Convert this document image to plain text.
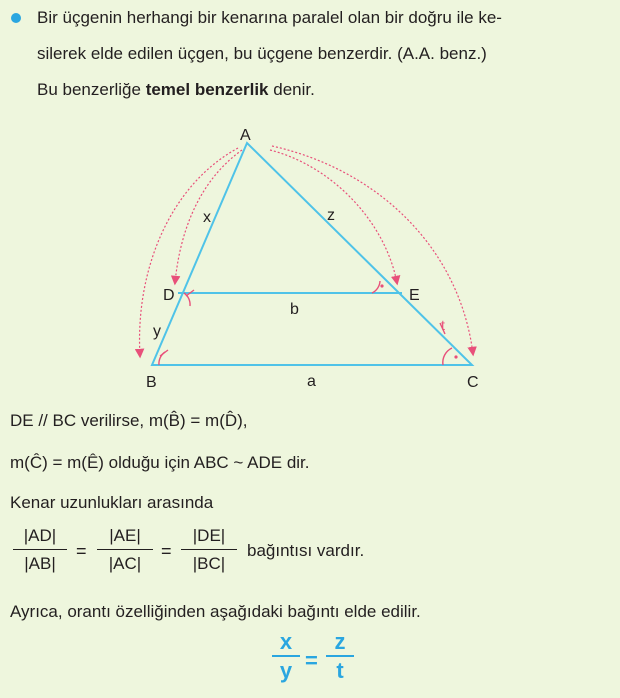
Bir üçgenin herhangi bir kenarına paralel olan bir doğru ile ke-
silerek elde edilen üçgen, bu üçgene benzerdir. (A.A. benz.)
Bu benzerliğe temel benzerlik denir.
A
B	C
D	E
x
y
z
b
a
t
DE // BC verilirse, m(B̂) = m(D̂),
m(Ĉ) = m(Ê) olduğu için ABC ~ ADE dir.
Kenar uzunlukları arasında
|AD|
|AB|
=
|AE|
|AC|
=
|DE|
|BC|
bağıntısı vardır.
Ayrıca, orantı özelliğinden aşağıdaki bağıntı elde edilir.
x
y =
z
t
